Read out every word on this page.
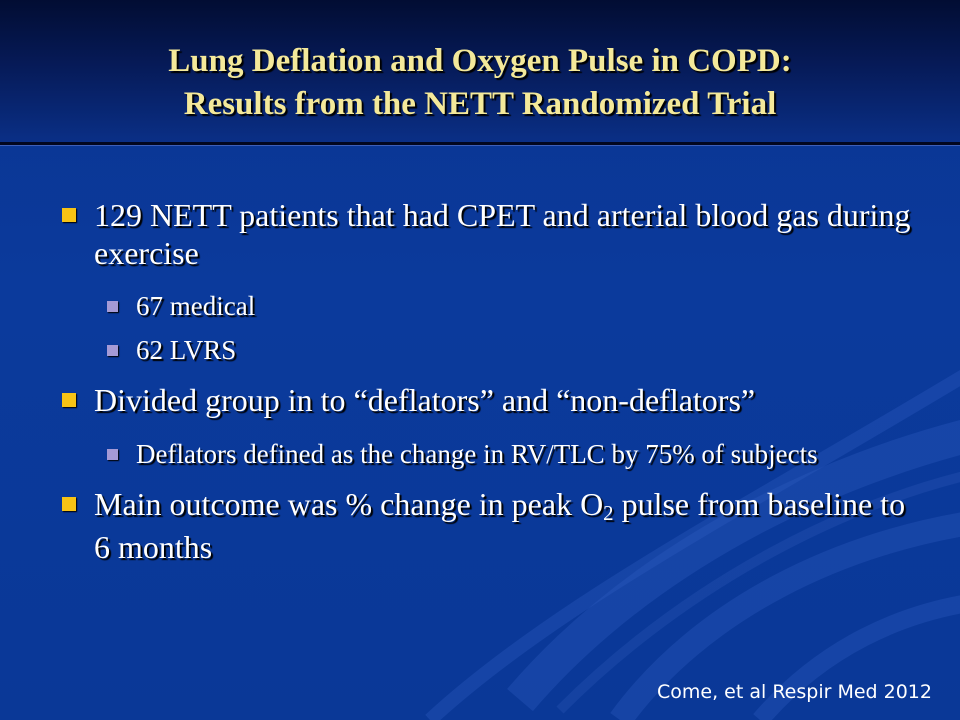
Lung Deflation and Oxygen Pulse in COPD:
Results from the NETT Randomized Trial
129 NETT patients that had CPET and arterial blood gas during exercise
67 medical
62 LVRS
Divided group in to “deflators” and “non-deflators”
Deflators defined as the change in RV/TLC by 75% of subjects
Main outcome was % change in peak O2 pulse from baseline to 6 months
Come, et al Respir Med 2012
